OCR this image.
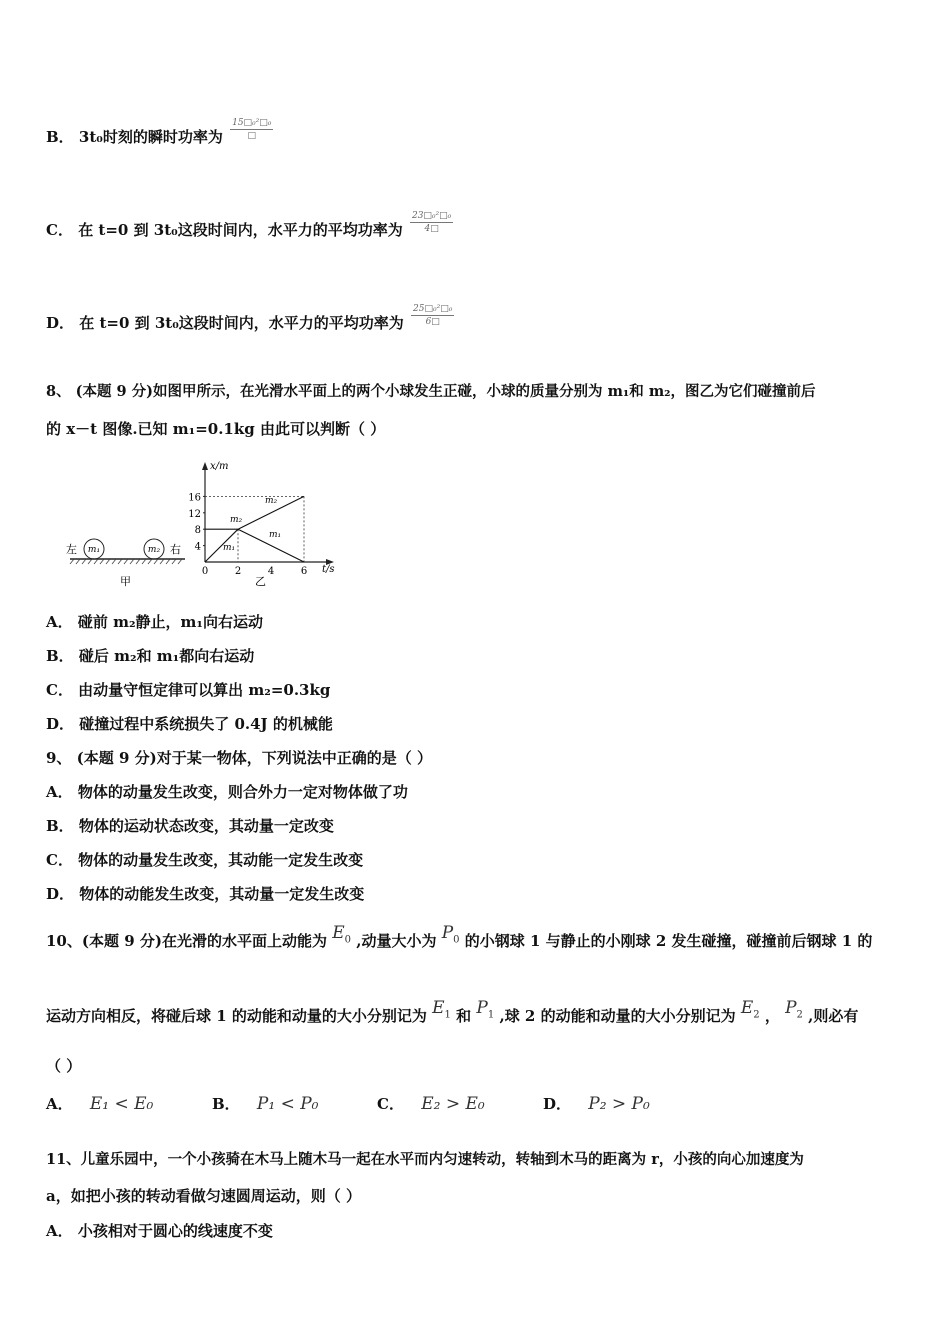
B． 3t₀时刻的瞬时功率为 $\frac{\text{15□₀²□₀}}{□}$
C． 在 t=0 到 3t₀这段时间内，水平力的平均功率为 $\frac{\text{23□₀²□₀}}{4□}$
D． 在 t=0 到 3t₀这段时间内，水平力的平均功率为 $\frac{\text{25□₀²□₀}}{6□}$
8、 (本题 9 分)如图甲所示，在光滑水平面上的两个小球发生正碰，小球的质量分别为 m₁和 m₂，图乙为它们碰撞前后
的 x－t 图像.已知 m₁=0.1kg 由此可以判断（ ）
m₁	m₂
左	右
甲
x/m
t/s
16
12
8
4
0	2	4	6
m₂
m₂
m₁
m₁
乙
A． 碰前 m₂静止，m₁向右运动
B． 碰后 m₂和 m₁都向右运动
C． 由动量守恒定律可以算出 m₂=0.3kg
D． 碰撞过程中系统损失了 0.4J 的机械能
9、 (本题 9 分)对于某一物体，下列说法中正确的是（ ）
A． 物体的动量发生改变，则合外力一定对物体做了功
B． 物体的运动状态改变，其动量一定改变
C． 物体的动量发生改变，其动能一定发生改变
D． 物体的动能发生改变，其动量一定发生改变
10、(本题 9 分)在光滑的水平面上动能为 $E_0$ ,动量大小为 $P_0$ 的小钢球 1 与静止的小刚球 2 发生碰撞，碰撞前后钢球 1 的
运动方向相反，将碰后球 1 的动能和动量的大小分别记为 $E_1$ 和 $P_1$ ,球 2 的动能和动量的大小分别记为 $E_2$ ， $P_2$ ,则必有
（ ）
A． E₁ < E₀	B． P₁ < P₀	C． E₂ > E₀	D． P₂ > P₀
11、儿童乐园中，一个小孩骑在木马上随木马一起在水平而内匀速转动，转轴到木马的距离为 r，小孩的向心加速度为
a，如把小孩的转动看做匀速圆周运动，则（ ）
A． 小孩相对于圆心的线速度不变
